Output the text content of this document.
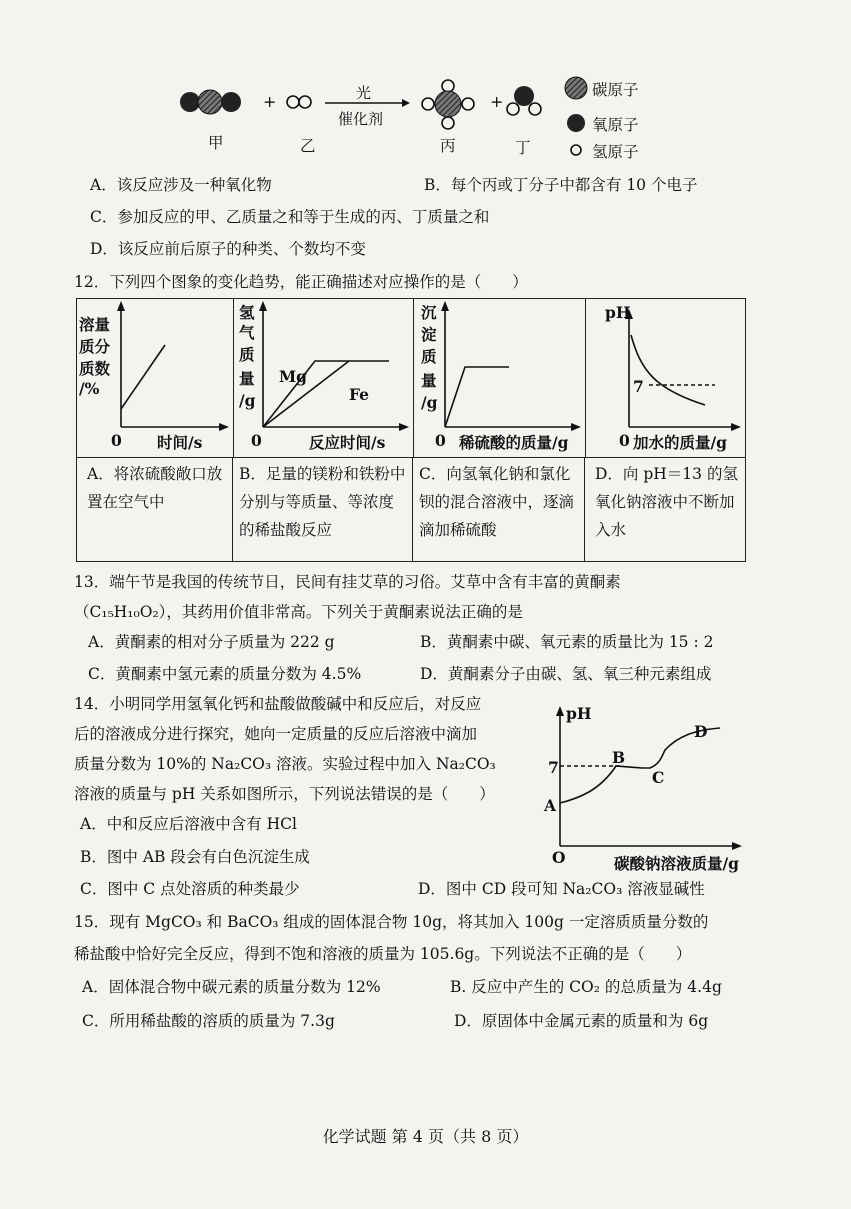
+	+
光
催化剂
甲	乙	丙	丁
碳原子
氧原子
氢原子
A．该反应涉及一种氧化物	B．每个丙或丁分子中都含有 10 个电子
C．参加反应的甲、乙质量之和等于生成的丙、丁质量之和
D．该反应前后原子的种类、个数均不变
12．下列四个图象的变化趋势，能正确描述对应操作的是（　　）
溶量
质分
质数
/%
0 时间/s
氢
气
质
量
/g
Mg
Fe
0	反应时间/s
沉
淀
质
量
/g
0 稀硫酸的质量/g
pH
7
0 加水的质量/g
A．将浓硫酸敞口放置在空气中
B．足量的镁粉和铁粉中分别与等质量、等浓度的稀盐酸反应
C．向氢氧化钠和氯化钡的混合溶液中，逐滴滴加稀硫酸
D．向 pH＝13 的氢氧化钠溶液中不断加入水
13．端午节是我国的传统节日，民间有挂艾草的习俗。艾草中含有丰富的黄酮素
（C₁₅H₁₀O₂），其药用价值非常高。下列关于黄酮素说法正确的是
A．黄酮素的相对分子质量为 222 g	B．黄酮素中碳、氧元素的质量比为 15 : 2
C．黄酮素中氢元素的质量分数为 4.5%	D．黄酮素分子由碳、氢、氧三种元素组成
14．小明同学用氢氧化钙和盐酸做酸碱中和反应后，对反应
后的溶液成分进行探究，她向一定质量的反应后溶液中滴加
质量分数为 10%的 Na₂CO₃ 溶液。实验过程中加入 Na₂CO₃
溶液的质量与 pH 关系如图所示，下列说法错误的是（　　）
A．中和反应后溶液中含有 HCl
B．图中 AB 段会有白色沉淀生成
C．图中 C 点处溶质的种类最少	D．图中 CD 段可知 Na₂CO₃ 溶液显碱性
pH
7
A
B
C
D
O	碳酸钠溶液质量/g
15．现有 MgCO₃ 和 BaCO₃ 组成的固体混合物 10g，将其加入 100g 一定溶质质量分数的
稀盐酸中恰好完全反应，得到不饱和溶液的质量为 105.6g。下列说法不正确的是（　　）
A．固体混合物中碳元素的质量分数为 12%	B. 反应中产生的 CO₂ 的总质量为 4.4g
C．所用稀盐酸的溶质的质量为 7.3g	D．原固体中金属元素的质量和为 6g
化学试题 第 4 页（共 8 页）
